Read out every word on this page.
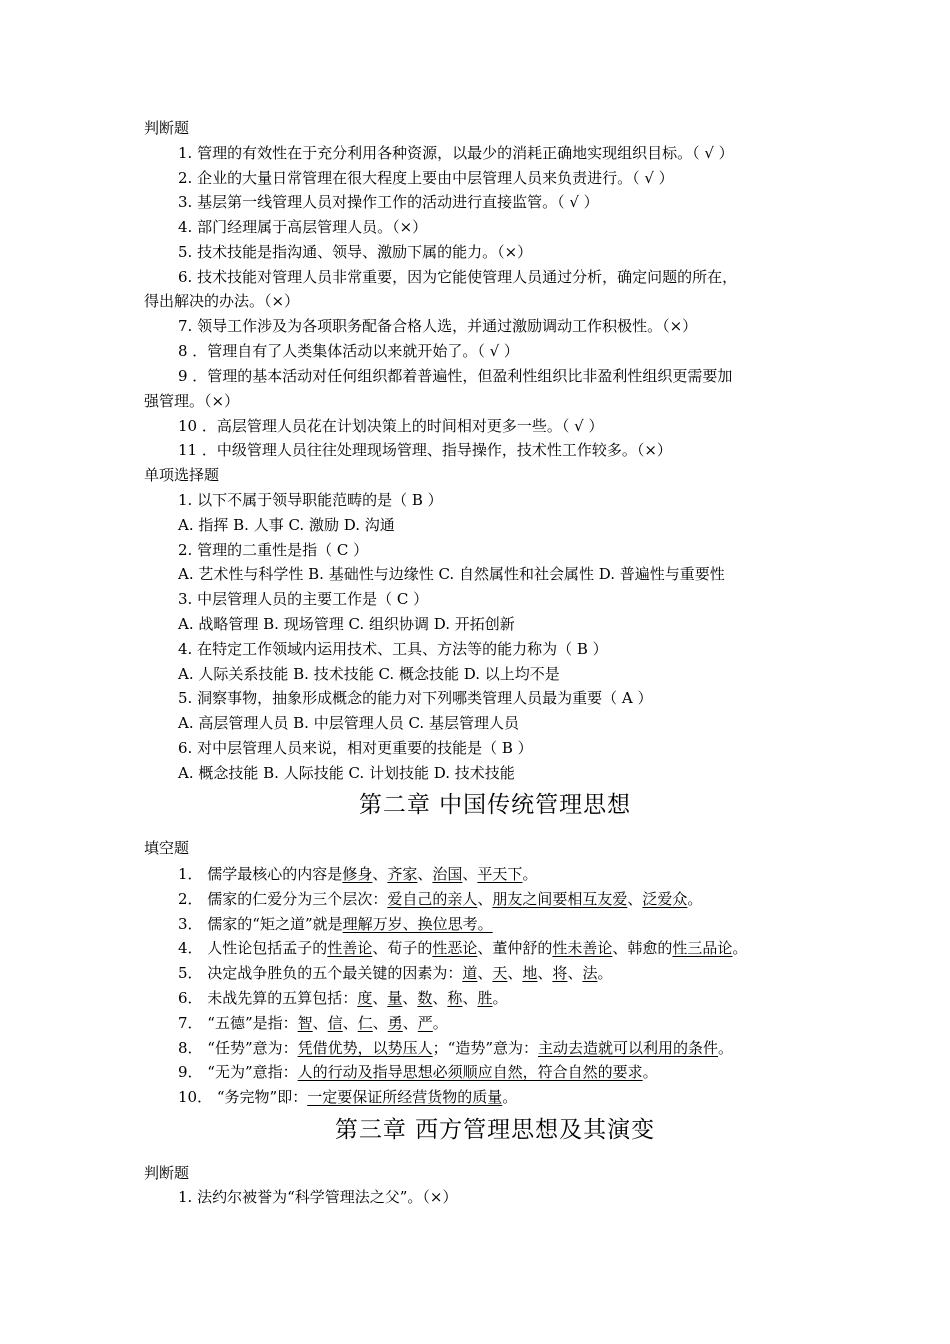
判断题
1. 管理的有效性在于充分利用各种资源，以最少的消耗正确地实现组织目标。（ √ ）
2. 企业的大量日常管理在很大程度上要由中层管理人员来负责进行。（ √ ）
3. 基层第一线管理人员对操作工作的活动进行直接监管。（ √ ）
4. 部门经理属于高层管理人员。（×）
5. 技术技能是指沟通、领导、激励下属的能力。（×）
6. 技术技能对管理人员非常重要，因为它能使管理人员通过分析，确定问题的所在，
得出解决的办法。（×）
7. 领导工作涉及为各项职务配备合格人选，并通过激励调动工作积极性。（×）
8 ．管理自有了人类集体活动以来就开始了。（ √ ）
9 ．管理的基本活动对任何组织都着普遍性，但盈利性组织比非盈利性组织更需要加
强管理。（×）
10 ．高层管理人员花在计划决策上的时间相对更多一些。（ √ ）
11 ．中级管理人员往往处理现场管理、指导操作，技术性工作较多。（×）
单项选择题
1. 以下不属于领导职能范畴的是（ B ）
A. 指挥 B. 人事 C. 激励 D. 沟通
2. 管理的二重性是指（ C ）
A. 艺术性与科学性 B. 基础性与边缘性 C. 自然属性和社会属性 D. 普遍性与重要性
3. 中层管理人员的主要工作是（ C ）
A. 战略管理 B. 现场管理 C. 组织协调 D. 开拓创新
4. 在特定工作领域内运用技术、工具、方法等的能力称为（ B ）
A. 人际关系技能 B. 技术技能 C. 概念技能 D. 以上均不是
5. 洞察事物，抽象形成概念的能力对下列哪类管理人员最为重要（ A ）
A. 高层管理人员 B. 中层管理人员 C. 基层管理人员
6. 对中层管理人员来说，相对更重要的技能是（ B ）
A. 概念技能 B. 人际技能 C. 计划技能 D. 技术技能
第二章 中国传统管理思想
填空题
1． 儒学最核心的内容是修身、齐家、治国、平天下。
2． 儒家的仁爱分为三个层次：爱自己的亲人、朋友之间要相互友爱、泛爱众。
3． 儒家的“矩之道”就是理解万岁、换位思考。
4． 人性论包括孟子的性善论、荀子的性恶论、董仲舒的性未善论、韩愈的性三品论。
5． 决定战争胜负的五个最关键的因素为：道、天、地、将、法。
6． 未战先算的五算包括：度、量、数、称、胜。
7． “五德”是指：智、信、仁、勇、严。
8． “任势”意为：凭借优势，以势压人；“造势”意为：主动去造就可以利用的条件。
9． “无为”意指：人的行动及指导思想必须顺应自然，符合自然的要求。
10． “务完物”即：一定要保证所经营货物的质量。
第三章 西方管理思想及其演变
判断题
1. 法约尔被誉为“科学管理法之父”。（×）
